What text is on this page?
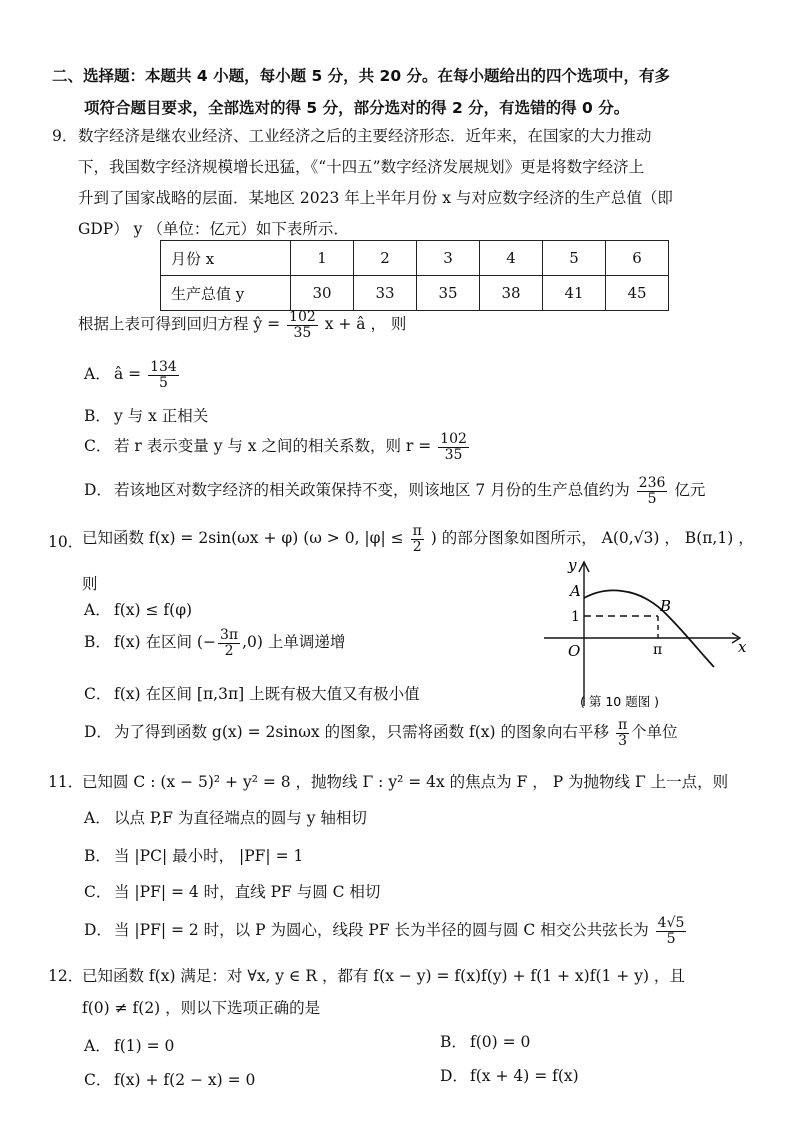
二、选择题：本题共 4 小题，每小题 5 分，共 20 分。在每小题给出的四个选项中，有多
项符合题目要求，全部选对的得 5 分，部分选对的得 2 分，有选错的得 0 分。
9． 数字经济是继农业经济、工业经济之后的主要经济形态．近年来，在国家的大力推动
下，我国数字经济规模增长迅猛，《“十四五”数字经济发展规划》更是将数字经济上
升到了国家战略的层面．某地区 2023 年上半年月份 x 与对应数字经济的生产总值（即
GDP） y （单位：亿元）如下表所示．
月份 x	1	2	3	4	5	6
生产总值 y	30	33	35	38	41	45
根据上表可得到回归方程 ŷ = $\frac{102}{35}$ x + â ， 则
A． â = $\frac{134}{5}$
B． y 与 x 正相关
C． 若 r 表示变量 y 与 x 之间的相关系数，则 $r = \frac{102}{35}$
D． 若该地区对数字经济的相关政策保持不变，则该地区 7 月份的生产总值约为 $\frac{236}{5}$ 亿元
10．
已知函数 f(x) = 2sin(ωx + φ) (ω > 0, $|\varphi| \le \frac{\pi}{2}$ ) 的部分图象如图所示， A(0,√3) ， B(π,1) ，
则
A． f(x) ≤ f(φ)
B． f(x) 在区间 (− $\frac{3\pi}{2} ,0$) 上单调递增
C． f(x) 在区间 [π,3π] 上既有极大值又有极小值
D． 为了得到函数 g(x) = 2sinωx 的图象，只需将函数 f(x) 的图象向右平移 $\frac{\pi}{3}$ 个单位
y
x
A
B
1
O	π
( 第 10 题图 )
11．
已知圆 C : (x − 5)² + y² = 8 ，抛物线 Γ : y² = 4x 的焦点为 F ， P 为抛物线 Γ 上一点，则
A． 以点 P,F 为直径端点的圆与 y 轴相切
B． 当 |PC| 最小时， |PF| = 1
C． 当 |PF| = 4 时，直线 PF 与圆 C 相切
D． 当 |PF| = 2 时，以 P 为圆心，线段 PF 长为半径的圆与圆 C 相交公共弦长为 $\frac{4√5}{5}$
12．
已知函数 f(x) 满足：对 ∀x, y ∈ R ，都有 f(x − y) = f(x)f(y) + f(1 + x)f(1 + y) ，且
f(0) ≠ f(2) ，则以下选项正确的是
A． f(1) = 0	B． f(0) = 0
C． f(x) + f(2 − x) = 0	D． f(x + 4) = f(x)
